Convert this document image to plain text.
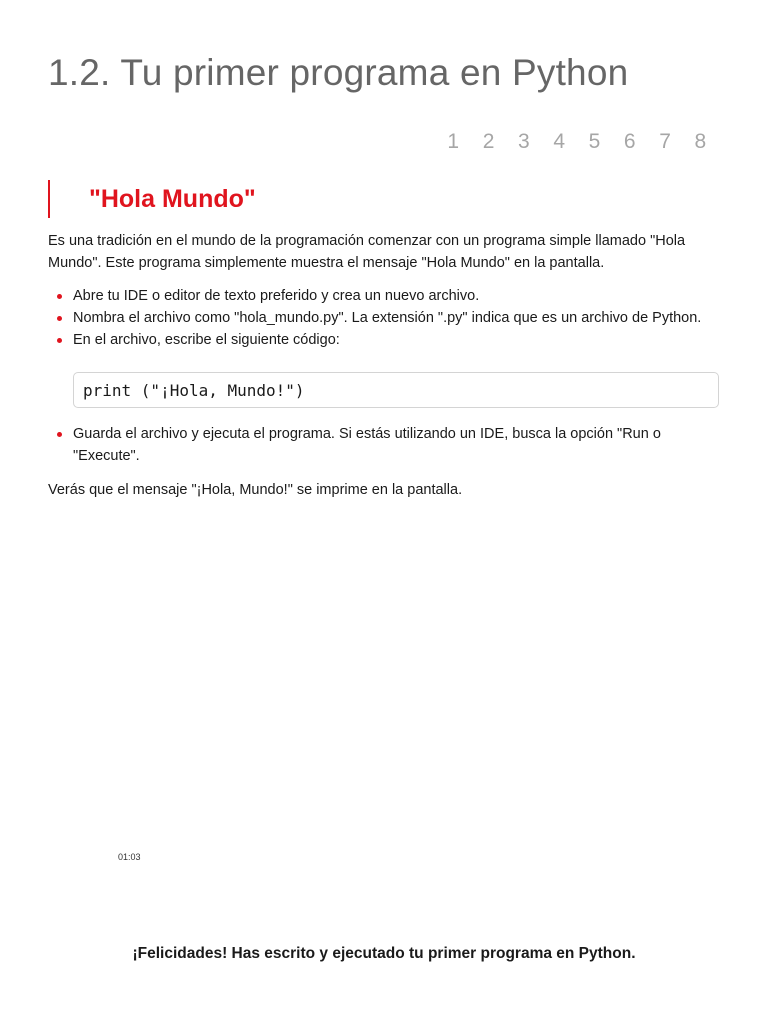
1.2. Tu primer programa en Python
1	2	3	4	5	6	7	8
"Hola Mundo"

Es una tradición en el mundo de la programación comenzar con un programa simple llamado "Hola Mundo". Este programa simplemente muestra el mensaje "Hola Mundo" en la pantalla.

Abre tu IDE o editor de texto preferido y crea un nuevo archivo.
Nombra el archivo como "hola_mundo.py". La extensión ".py" indica que es un archivo de Python.
En el archivo, escribe el siguiente código:
print ("¡Hola, Mundo!")
Guarda el archivo y ejecuta el programa. Si estás utilizando un IDE, busca la opción "Run o "Execute".

Verás que el mensaje "¡Hola, Mundo!" se imprime en la pantalla.

01:03
¡Felicidades! Has escrito y ejecutado tu primer programa en Python.
